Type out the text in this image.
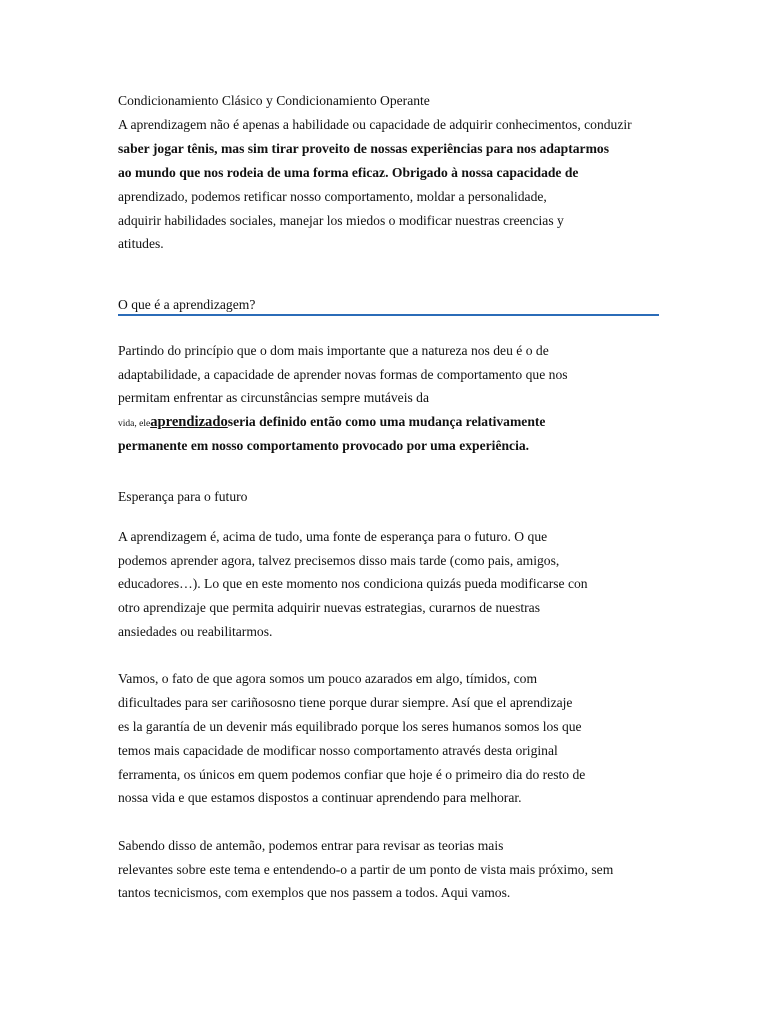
Condicionamiento Clásico y Condicionamiento Operante
A aprendizagem não é apenas a habilidade ou capacidade de adquirir conhecimentos, conduzir
saber jogar tênis, mas sim tirar proveito de nossas experiências para nos adaptarmos
ao mundo que nos rodeia de uma forma eficaz. Obrigado à nossa capacidade de
aprendizado, podemos retificar nosso comportamento, moldar a personalidade,
adquirir habilidades sociales, manejar los miedos o modificar nuestras creencias y
atitudes.
O que é a aprendizagem?
Partindo do princípio que o dom mais importante que a natureza nos deu é o de
adaptabilidade, a capacidade de aprender novas formas de comportamento que nos
permitam enfrentar as circunstâncias sempre mutáveis da
vida, eleaprendizadoseria definido então como uma mudança relativamente
permanente em nosso comportamento provocado por uma experiência.
Esperança para o futuro
A aprendizagem é, acima de tudo, uma fonte de esperança para o futuro. O que
podemos aprender agora, talvez precisemos disso mais tarde (como pais, amigos,
educadores…). Lo que en este momento nos condiciona quizás pueda modificarse con
otro aprendizaje que permita adquirir nuevas estrategias, curarnos de nuestras
ansiedades ou reabilitarmos.
Vamos, o fato de que agora somos um pouco azarados em algo, tímidos, com
dificultades para ser cariñososno tiene porque durar siempre. Así que el aprendizaje
es la garantía de un devenir más equilibrado porque los seres humanos somos los que
temos mais capacidade de modificar nosso comportamento através desta original
ferramenta, os únicos em quem podemos confiar que hoje é o primeiro dia do resto de
nossa vida e que estamos dispostos a continuar aprendendo para melhorar.
Sabendo disso de antemão, podemos entrar para revisar as teorias mais
relevantes sobre este tema e entendendo-o a partir de um ponto de vista mais próximo, sem
tantos tecnicismos, com exemplos que nos passem a todos. Aqui vamos.
